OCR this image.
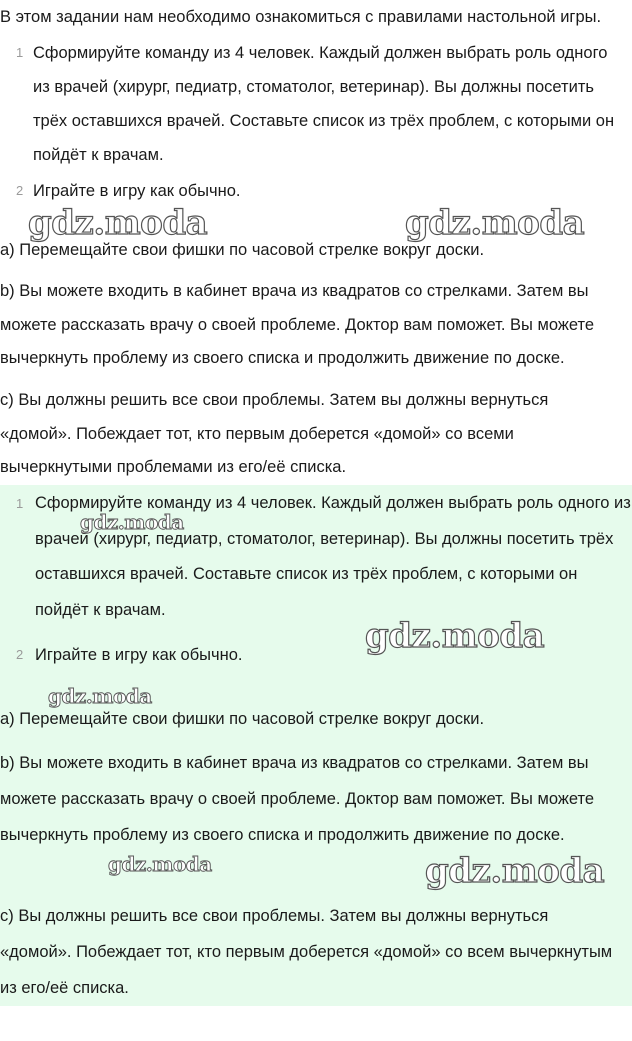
В этом задании нам необходимо ознакомиться с правилами настольной игры.
1 Сформируйте команду из 4 человек. Каждый должен выбрать роль одного из врачей (хирург, педиатр, стоматолог, ветеринар). Вы должны посетить трёх оставшихся врачей. Составьте список из трёх проблем, с которыми он пойдёт к врачам.
2 Играйте в игру как обычно.
gdz.moda	gdz.moda
a) Перемещайте свои фишки по часовой стрелке вокруг доски.
b) Вы можете входить в кабинет врача из квадратов со стрелками. Затем вы можете рассказать врачу о своей проблеме. Доктор вам поможет. Вы можете вычеркнуть проблему из своего списка и продолжить движение по доске.
c) Вы должны решить все свои проблемы. Затем вы должны вернуться «домой». Побеждает тот, кто первым доберется «домой» со всеми вычеркнутыми проблемами из его/её списка.
1 Сформируйте команду из 4 человек. Каждый должен выбрать роль одного из врачей (хирург, педиатр, стоматолог, ветеринар). Вы должны посетить трёх оставшихся врачей. Составьте список из трёх проблем, с которыми он пойдёт к врачам.
2 Играйте в игру как обычно.
gdz.moda
gdz.moda
gdz.moda
a) Перемещайте свои фишки по часовой стрелке вокруг доски.
b) Вы можете входить в кабинет врача из квадратов со стрелками. Затем вы можете рассказать врачу о своей проблеме. Доктор вам поможет. Вы можете вычеркнуть проблему из своего списка и продолжить движение по доске.
gdz.moda	gdz.moda
c) Вы должны решить все свои проблемы. Затем вы должны вернуться «домой». Побеждает тот, кто первым доберется «домой» со всем вычеркнутым из его/её списка.
